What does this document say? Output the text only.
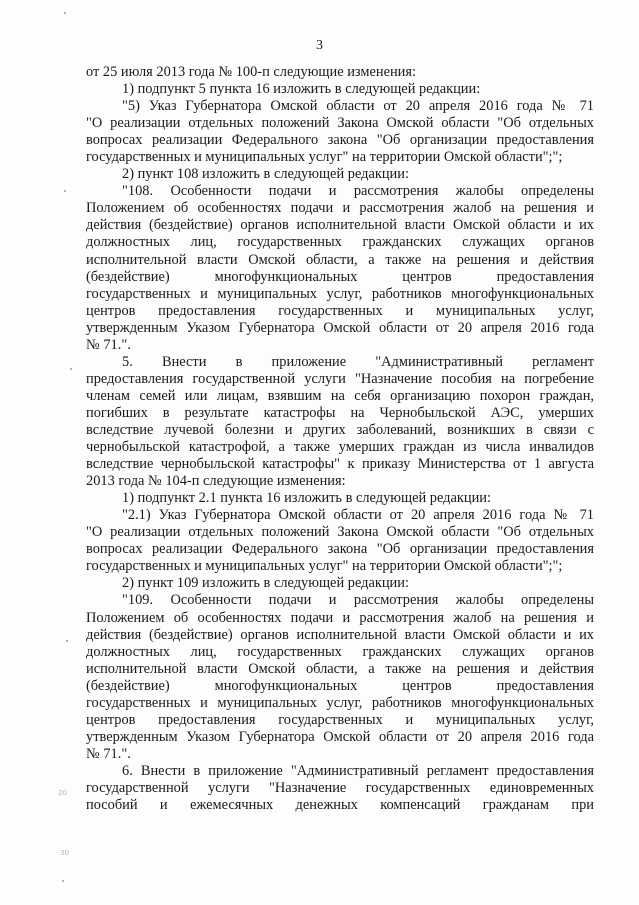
3
от 25 июля 2013 года № 100-п следующие изменения:
1) подпункт 5 пункта 16 изложить в следующей редакции:
"5) Указ Губернатора Омской области от 20 апреля 2016 года № 71
"О реализации отдельных положений Закона Омской области "Об отдельных
вопросах реализации Федерального закона "Об организации предоставления
государственных и муниципальных услуг" на территории Омской области";";
2) пункт 108 изложить в следующей редакции:
"108. Особенности подачи и рассмотрения жалобы определены
Положением об особенностях подачи и рассмотрения жалоб на решения и
действия (бездействие) органов исполнительной власти Омской области и их
должностных лиц, государственных гражданских служащих органов
исполнительной власти Омской области, а также на решения и действия
(бездействие) многофункциональных центров предоставления
государственных и муниципальных услуг, работников многофункциональных
центров предоставления государственных и муниципальных услуг,
утвержденным Указом Губернатора Омской области от 20 апреля 2016 года
№ 71.".
5. Внести в приложение "Административный регламент
предоставления государственной услуги "Назначение пособия на погребение
членам семей или лицам, взявшим на себя организацию похорон граждан,
погибших в результате катастрофы на Чернобыльской АЭС, умерших
вследствие лучевой болезни и других заболеваний, возникших в связи с
чернобыльской катастрофой, а также умерших граждан из числа инвалидов
вследствие чернобыльской катастрофы" к приказу Министерства от 1 августа
2013 года № 104-п следующие изменения:
1) подпункт 2.1 пункта 16 изложить в следующей редакции:
"2.1) Указ Губернатора Омской области от 20 апреля 2016 года № 71
"О реализации отдельных положений Закона Омской области "Об отдельных
вопросах реализации Федерального закона "Об организации предоставления
государственных и муниципальных услуг" на территории Омской области";";
2) пункт 109 изложить в следующей редакции:
"109. Особенности подачи и рассмотрения жалобы определены
Положением об особенностях подачи и рассмотрения жалоб на решения и
действия (бездействие) органов исполнительной власти Омской области и их
должностных лиц, государственных гражданских служащих органов
исполнительной власти Омской области, а также на решения и действия
(бездействие) многофункциональных центров предоставления
государственных и муниципальных услуг, работников многофункциональных
центров предоставления государственных и муниципальных услуг,
утвержденным Указом Губернатора Омской области от 20 апреля 2016 года
№ 71.".
6. Внести в приложение "Административный регламент предоставления
государственной услуги "Назначение государственных единовременных
пособий и ежемесячных денежных компенсаций гражданам при
20
30
